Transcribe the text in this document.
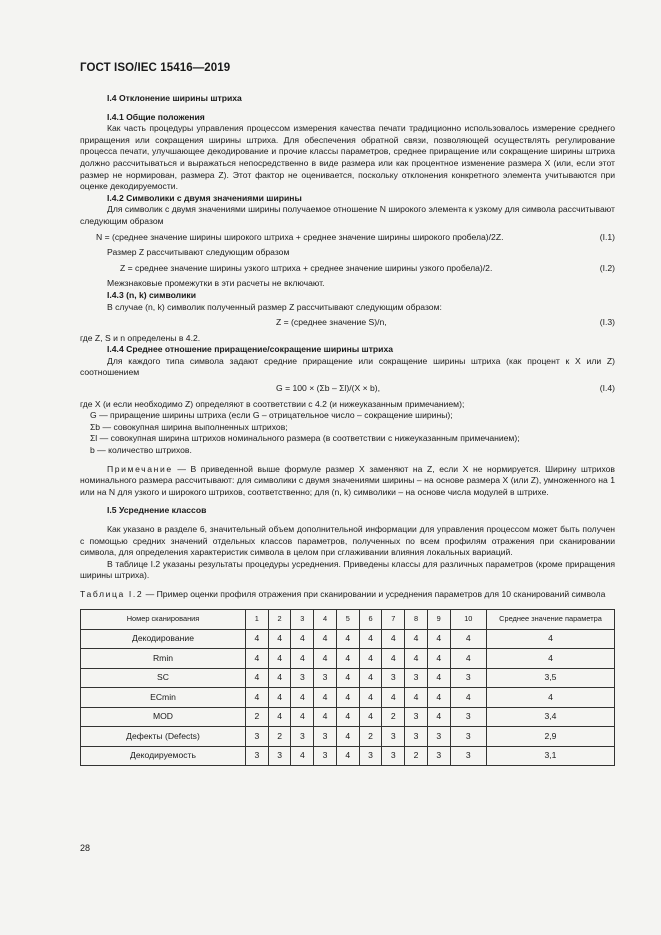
ГОСТ ISO/IEC 15416—2019

I.4 Отклонение ширины штриха

I.4.1 Общие положения

Как часть процедуры управления процессом измерения качества печати традиционно использовалось измерение среднего приращения или сокращения ширины штриха. Для обеспечения обратной связи, позволяющей осуществлять регулирование процесса печати, улучшающее декодирование и прочие классы параметров, среднее приращение или сокращение ширины штриха должно рассчитываться и выражаться непосредственно в виде размера или как процентное изменение размера X (или, если этот размер не нормирован, размера Z). Этот фактор не оценивается, поскольку отклонения конкретного элемента учитываются при оценке декодируемости.

I.4.2 Символики с двумя значениями ширины

Для символик с двумя значениями ширины получаемое отношение N широкого элемента к узкому для символа рассчитывают следующим образом

N = (среднее значение ширины широкого штриха + среднее значение ширины широкого пробела)/2Z.	(I.1)

Размер Z рассчитывают следующим образом

Z = среднее значение ширины узкого штриха + среднее значение ширины узкого пробела)/2.	(I.2)

Межзнаковые промежутки в эти расчеты не включают.

I.4.3 (n, k) символики

В случае (n, k) символик полученный размер Z рассчитывают следующим образом:

Z = (среднее значение S)/n,	(I.3)

где Z, S и n определены в 4.2.

I.4.4 Среднее отношение приращение/сокращение ширины штриха

Для каждого типа символа задают средние приращение или сокращение ширины штриха (как процент к X или Z) соотношением

G = 100 × (Σb – Σl)/(X × b),	(I.4)
где X (и если необходимо Z) определяют в соответствии с 4.2 (и нижеуказанным примечанием);
G — приращение ширины штриха (если G – отрицательное число – сокращение ширины);
Σb — совокупная ширина выполненных штрихов;
Σl — совокупная ширина штрихов номинального размера (в соответствии с нижеуказанным примечанием);
b — количество штрихов.

Примечание — В приведенной выше формуле размер X заменяют на Z, если X не нормируется. Ширину штрихов номинального размера рассчитывают: для символики с двумя значениями ширины – на основе размера X (или Z), умноженного на 1 или на N для узкого и широкого штрихов, соответственно; для (n, k) символики – на основе числа модулей в штрихе.

I.5 Усреднение классов

Как указано в разделе 6, значительный объем дополнительной информации для управления процессом может быть получен с помощью средних значений отдельных классов параметров, полученных по всем профилям отражения при сканировании символа, для определения характеристик символа в целом при сглаживании влияния локальных вариаций.

В таблице I.2 указаны результаты процедуры усреднения. Приведены классы для различных параметров (кроме приращения ширины штриха).

Таблица I.2 — Пример оценки профиля отражения при сканировании и усреднения параметров для 10 сканирований символа

Номер сканирования	1	2	3	4	5	6	7	8	9	10	Среднее значение параметра
Декодирование	4	4	4	4	4	4	4	4	4	4	4
Rmin	4	4	4	4	4	4	4	4	4	4	4
SC	4	4	3	3	4	4	3	3	4	3	3,5
ECmin	4	4	4	4	4	4	4	4	4	4	4
MOD	2	4	4	4	4	4	2	3	4	3	3,4
Дефекты (Defects)	3	2	3	3	4	2	3	3	3	3	2,9
Декодируемость	3	3	4	3	4	3	3	2	3	3	3,1
28
